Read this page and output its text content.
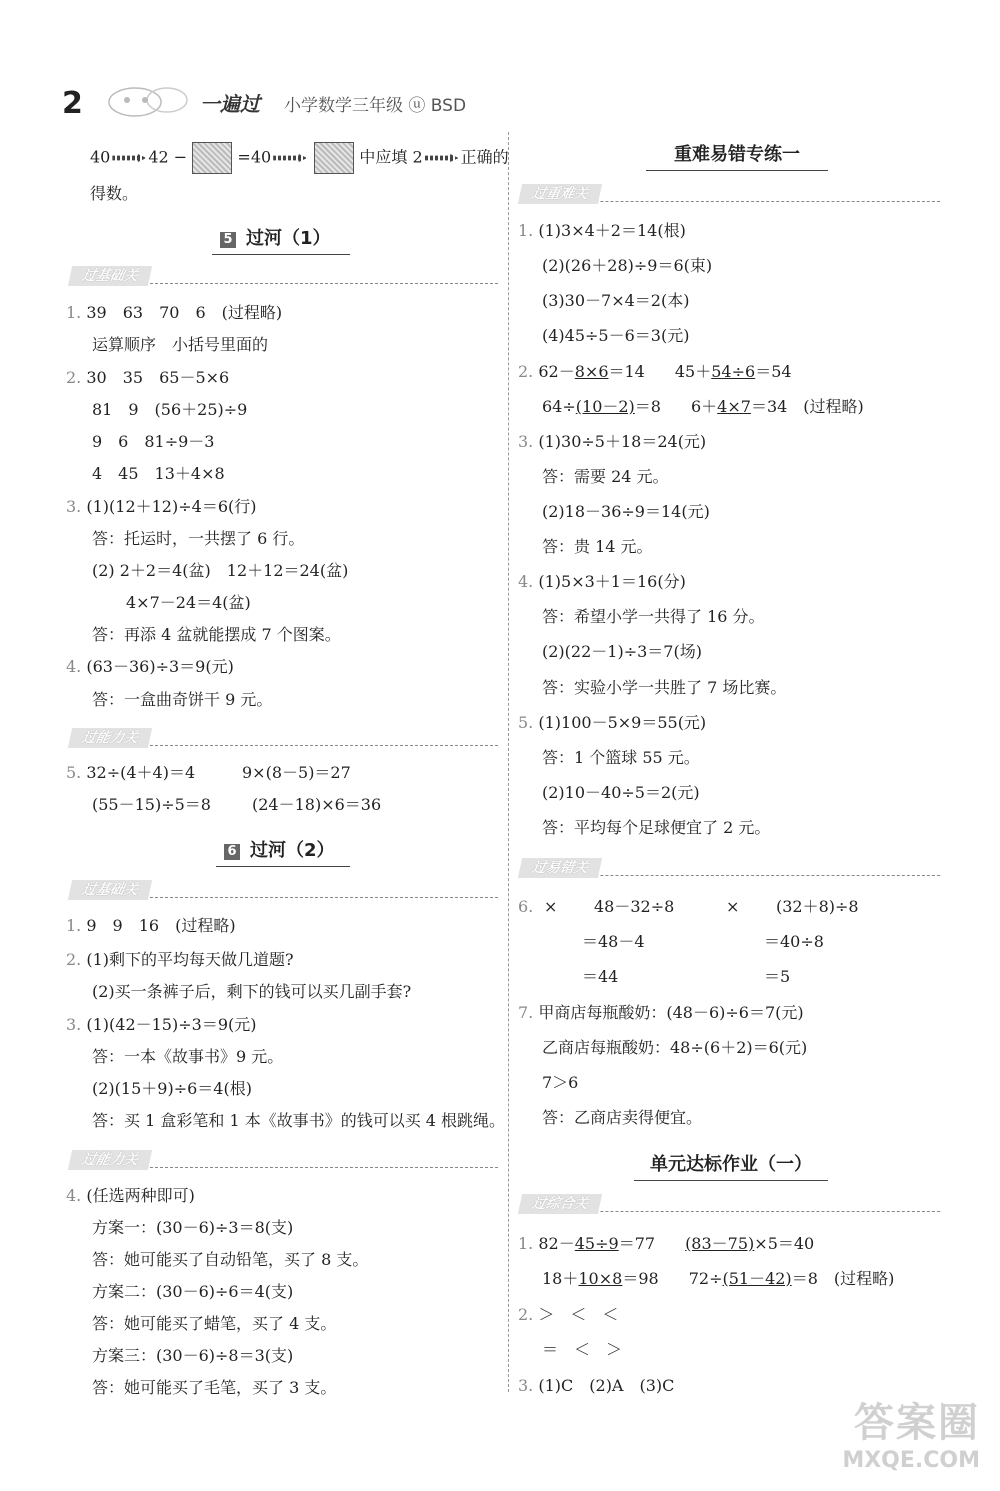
2	一遍过 小学数学三年级 ⓤ BSD
40 42 −	=40	中应填 2 正确的
得数。
5 过河（1）
过基础关
1. 39　63　70　6　(过程略)
运算顺序　小括号里面的
2. 30　35　65－5×6
81　9　(56＋25)÷9
9　6　81÷9－3
4　45　13＋4×8
3. (1)(12＋12)÷4＝6(行)
答：托运时，一共摆了 6 行。
(2) 2＋2＝4(盆)　12＋12＝24(盆)
4×7－24＝4(盆)
答：再添 4 盆就能摆成 7 个图案。
4. (63－36)÷3＝9(元)
答：一盒曲奇饼干 9 元。
过能力关
5. 32÷(4＋4)＝4	9×(8－5)＝27
(55－15)÷5＝8	(24－18)×6＝36
6 过河（2）
过基础关
1. 9　9　16　(过程略)
2. (1)剩下的平均每天做几道题?
(2)买一条裤子后，剩下的钱可以买几副手套?
3. (1)(42－15)÷3＝9(元)
答：一本《故事书》9 元。
(2)(15＋9)÷6＝4(根)
答：买 1 盒彩笔和 1 本《故事书》的钱可以买 4 根跳绳。
过能力关
4. (任选两种即可)
方案一：(30－6)÷3＝8(支)
答：她可能买了自动铅笔，买了 8 支。
方案二：(30－6)÷6＝4(支)
答：她可能买了蜡笔，买了 4 支。
方案三：(30－6)÷8＝3(支)
答：她可能买了毛笔，买了 3 支。
重难易错专练一
过重难关
1. (1)3×4＋2＝14(根)
(2)(26＋28)÷9＝6(束)
(3)30－7×4＝2(本)
(4)45÷5－6＝3(元)
2. 62－8×6＝14 45＋54÷6＝54
64÷(10－2)＝8 6＋4×7＝34　(过程略)
3. (1)30÷5＋18＝24(元)
答：需要 24 元。
(2)18－36÷9＝14(元)
答：贵 14 元。
4. (1)5×3＋1＝16(分)
答：希望小学一共得了 16 分。
(2)(22－1)÷3＝7(场)
答：实验小学一共胜了 7 场比赛。
5. (1)100－5×9＝55(元)
答：1 个篮球 55 元。
(2)10－40÷5＝2(元)
答：平均每个足球便宜了 2 元。
过易错关
6. × 48－32÷8	× (32＋8)÷8
＝48－4	＝40÷8
＝44	＝5
7. 甲商店每瓶酸奶：(48－6)÷6＝7(元)
乙商店每瓶酸奶：48÷(6＋2)＝6(元)
7＞6
答：乙商店卖得便宜。
单元达标作业（一）
过综合关
1. 82－45÷9＝77 (83－75)×5＝40
18＋10×8＝98 72÷(51－42)＝8　(过程略)
2. ＞　＜　＜
＝　＜　＞
3. (1)C　(2)A　(3)C
答案圈
MXQE.COM
